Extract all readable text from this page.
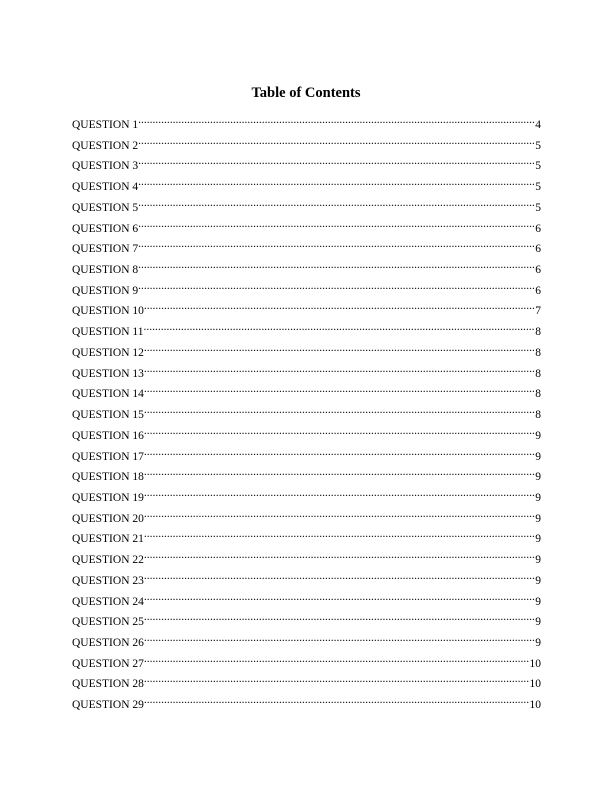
Table of Contents
QUESTION 1 .....	4
QUESTION 2 .....	5
QUESTION 3 .....	5
QUESTION 4 .....	5
QUESTION 5 .....	5
QUESTION 6 .....	6
QUESTION 7 .....	6
QUESTION 8 .....	6
QUESTION 9 .....	6
QUESTION 10 .....	7
QUESTION 11 .....	8
QUESTION 12 .....	8
QUESTION 13 .....	8
QUESTION 14 .....	8
QUESTION 15 .....	8
QUESTION 16 .....	9
QUESTION 17 .....	9
QUESTION 18 .....	9
QUESTION 19 .....	9
QUESTION 20 .....	9
QUESTION 21 .....	9
QUESTION 22 .....	9
QUESTION 23 .....	9
QUESTION 24 .....	9
QUESTION 25 .....	9
QUESTION 26 .....	9
QUESTION 27 .....	10
QUESTION 28 .....	10
QUESTION 29 .....	10
